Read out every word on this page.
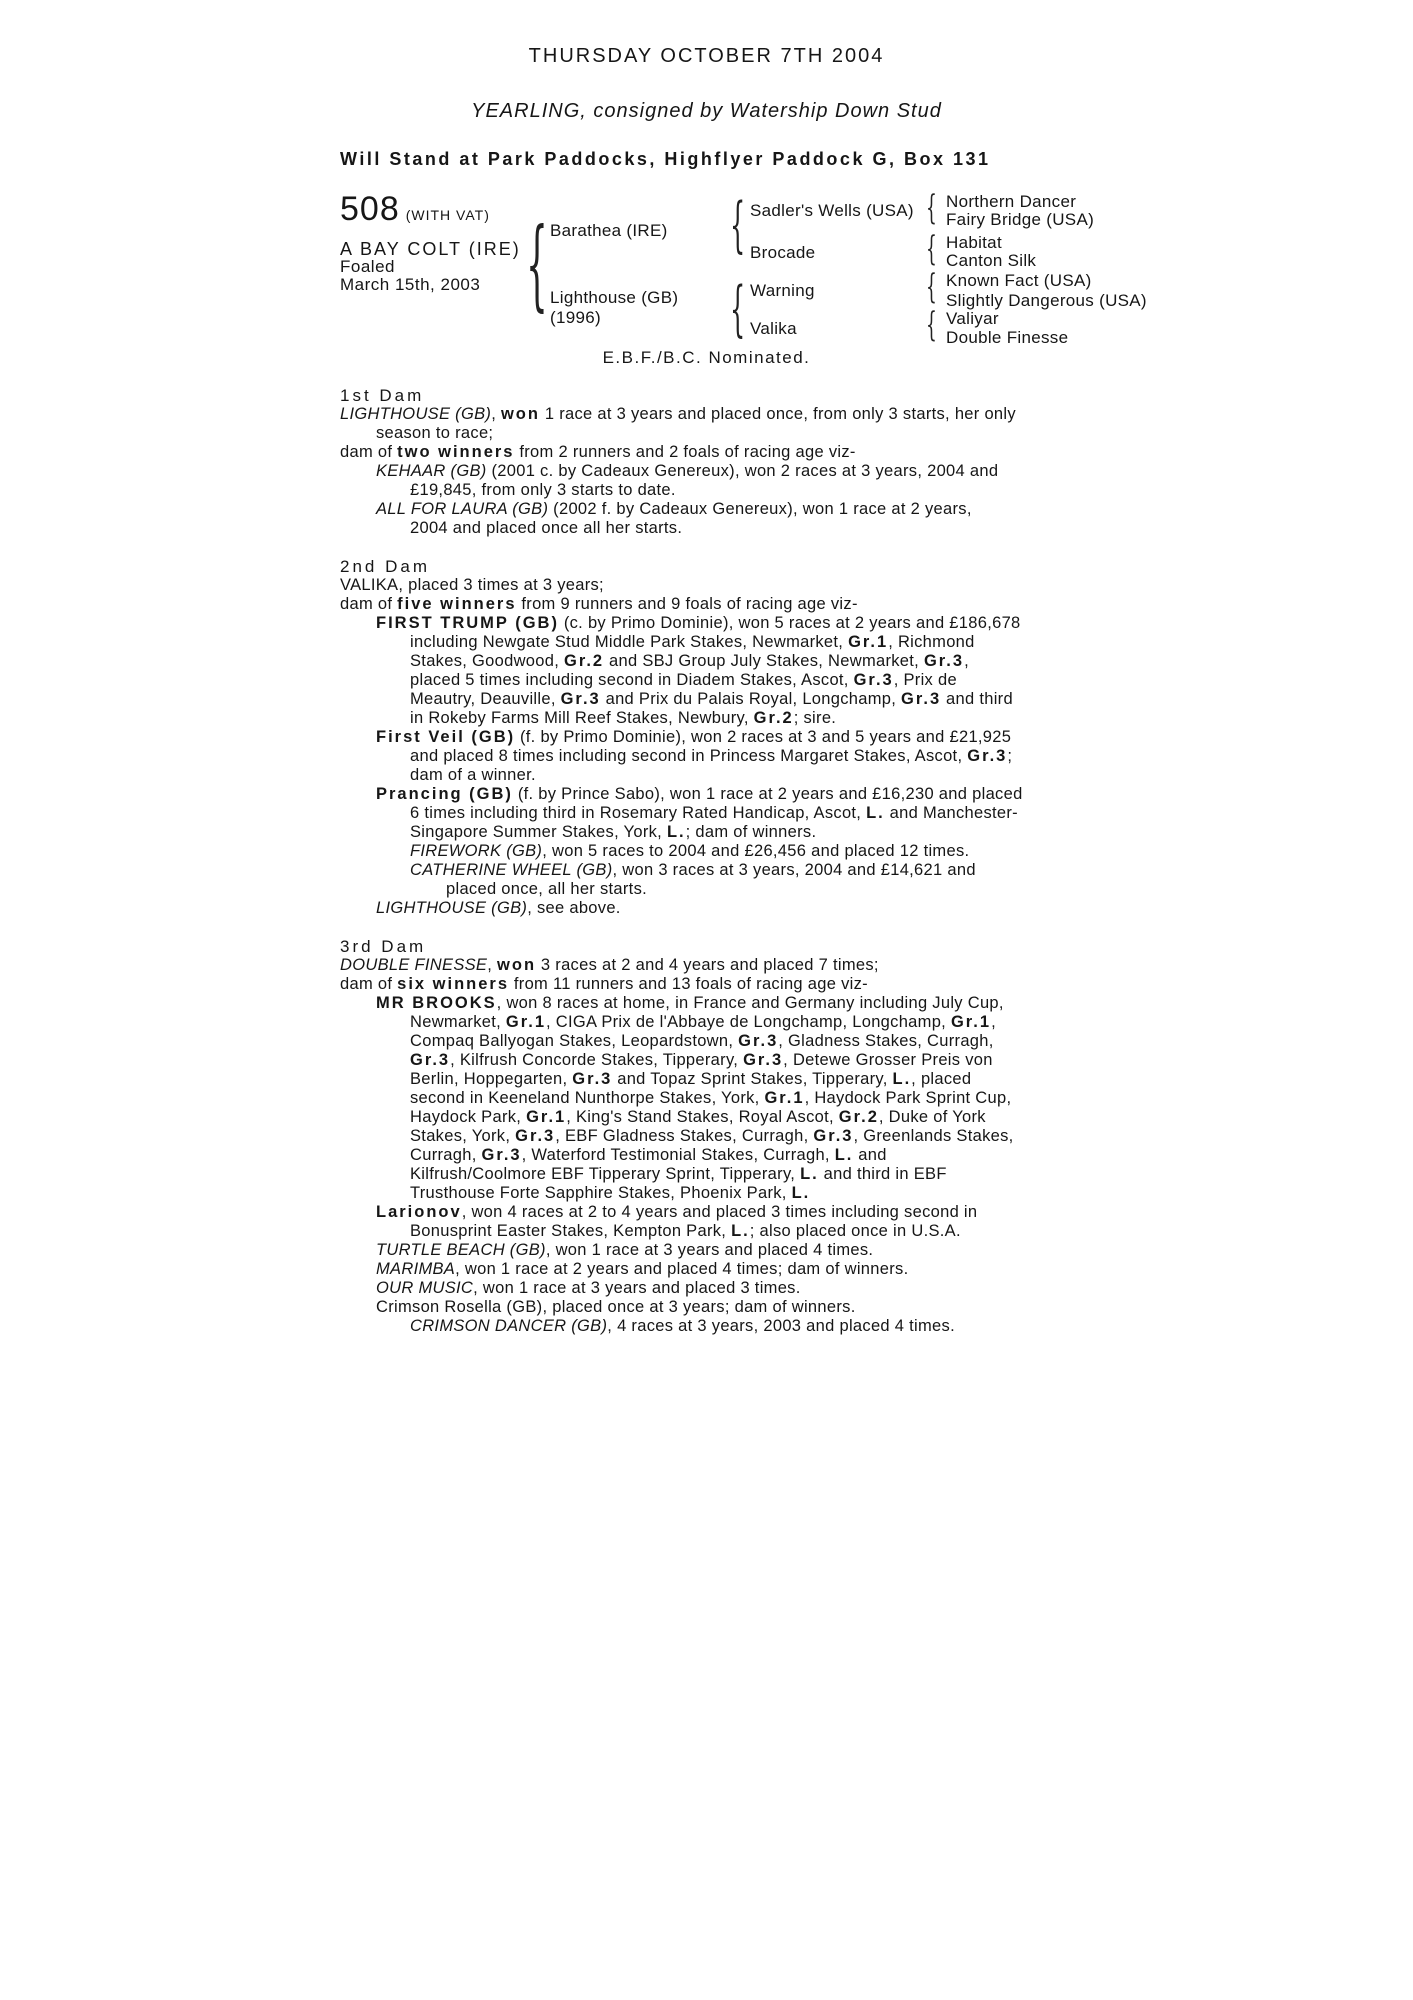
THURSDAY OCTOBER 7TH 2004
YEARLING, consigned by Watership Down Stud
Will Stand at Park Paddocks, Highflyer Paddock G, Box 131
508 (WITH VAT)
A BAY COLT (IRE)
Foaled
March 15th, 2003 { Barathea (IRE)
Lighthouse (GB)
(1996)
{ Sadler's Wells (USA)
Brocade
{ Warning
Valika
{ Northern Dancer
Fairy Bridge (USA)
{ Habitat
Canton Silk
{ Known Fact (USA)
Slightly Dangerous (USA)
{ Valiyar
Double Finesse
E.B.F./B.C. Nominated.
1st Dam
LIGHTHOUSE (GB), won 1 race at 3 years and placed once, from only 3 starts, her only
season to race;
dam of two winners from 2 runners and 2 foals of racing age viz-
KEHAAR (GB) (2001 c. by Cadeaux Genereux), won 2 races at 3 years, 2004 and
£19,845, from only 3 starts to date.
ALL FOR LAURA (GB) (2002 f. by Cadeaux Genereux), won 1 race at 2 years,
2004 and placed once all her starts.
2nd Dam
VALIKA, placed 3 times at 3 years;
dam of five winners from 9 runners and 9 foals of racing age viz-
FIRST TRUMP (GB) (c. by Primo Dominie), won 5 races at 2 years and £186,678
including Newgate Stud Middle Park Stakes, Newmarket, Gr.1, Richmond
Stakes, Goodwood, Gr.2 and SBJ Group July Stakes, Newmarket, Gr.3,
placed 5 times including second in Diadem Stakes, Ascot, Gr.3, Prix de
Meautry, Deauville, Gr.3 and Prix du Palais Royal, Longchamp, Gr.3 and third
in Rokeby Farms Mill Reef Stakes, Newbury, Gr.2; sire.
First Veil (GB) (f. by Primo Dominie), won 2 races at 3 and 5 years and £21,925
and placed 8 times including second in Princess Margaret Stakes, Ascot, Gr.3;
dam of a winner.
Prancing (GB) (f. by Prince Sabo), won 1 race at 2 years and £16,230 and placed
6 times including third in Rosemary Rated Handicap, Ascot, L. and Manchester-
Singapore Summer Stakes, York, L.; dam of winners.
FIREWORK (GB), won 5 races to 2004 and £26,456 and placed 12 times.
CATHERINE WHEEL (GB), won 3 races at 3 years, 2004 and £14,621 and
placed once, all her starts.
LIGHTHOUSE (GB), see above.
3rd Dam
DOUBLE FINESSE, won 3 races at 2 and 4 years and placed 7 times;
dam of six winners from 11 runners and 13 foals of racing age viz-
MR BROOKS, won 8 races at home, in France and Germany including July Cup,
Newmarket, Gr.1, CIGA Prix de l'Abbaye de Longchamp, Longchamp, Gr.1,
Compaq Ballyogan Stakes, Leopardstown, Gr.3, Gladness Stakes, Curragh,
Gr.3, Kilfrush Concorde Stakes, Tipperary, Gr.3, Detewe Grosser Preis von
Berlin, Hoppegarten, Gr.3 and Topaz Sprint Stakes, Tipperary, L., placed
second in Keeneland Nunthorpe Stakes, York, Gr.1, Haydock Park Sprint Cup,
Haydock Park, Gr.1, King's Stand Stakes, Royal Ascot, Gr.2, Duke of York
Stakes, York, Gr.3, EBF Gladness Stakes, Curragh, Gr.3, Greenlands Stakes,
Curragh, Gr.3, Waterford Testimonial Stakes, Curragh, L. and
Kilfrush/Coolmore EBF Tipperary Sprint, Tipperary, L. and third in EBF
Trusthouse Forte Sapphire Stakes, Phoenix Park, L.
Larionov, won 4 races at 2 to 4 years and placed 3 times including second in
Bonusprint Easter Stakes, Kempton Park, L.; also placed once in U.S.A.
TURTLE BEACH (GB), won 1 race at 3 years and placed 4 times.
MARIMBA, won 1 race at 2 years and placed 4 times; dam of winners.
OUR MUSIC, won 1 race at 3 years and placed 3 times.
Crimson Rosella (GB), placed once at 3 years; dam of winners.
CRIMSON DANCER (GB), 4 races at 3 years, 2003 and placed 4 times.
